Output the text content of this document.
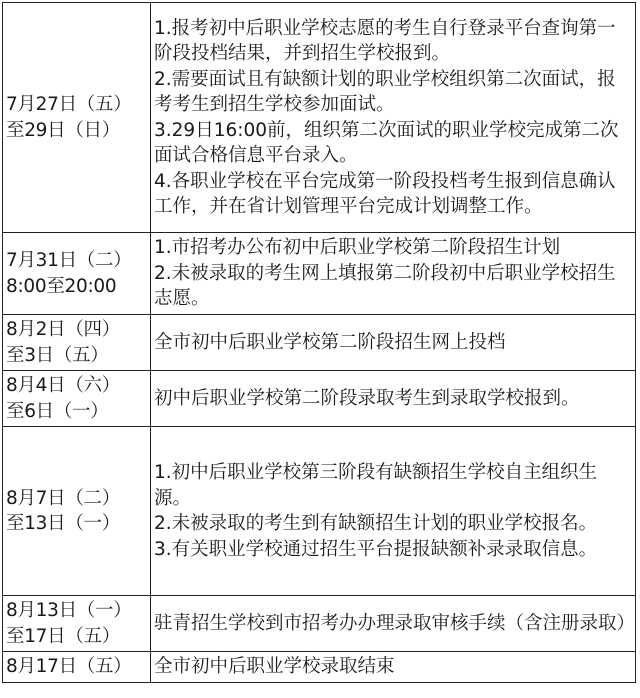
7月27日（五）
至29日（日）	1.报考初中后职业学校志愿的考生自行登录平台查询第一阶段投档结果，并到招生学校报到。
2.需要面试且有缺额计划的职业学校组织第二次面试，报考考生到招生学校参加面试。
3.29日16:00前，组织第二次面试的职业学校完成第二次面试合格信息平台录入。
4.各职业学校在平台完成第一阶段投档考生报到信息确认工作，并在省计划管理平台完成计划调整工作。

7月31日（二）
8:00至20:00	1.市招考办公布初中后职业学校第二阶段招生计划
2.未被录取的考生网上填报第二阶段初中后职业学校招生志愿。

8月2日（四）
至3日（五）	全市初中后职业学校第二阶段招生网上投档

8月4日（六）
至6日（一）	初中后职业学校第二阶段录取考生到录取学校报到。

8月7日（二）
至13日（一）	1.初中后职业学校第三阶段有缺额招生学校自主组织生源。
2.未被录取的考生到有缺额招生计划的职业学校报名。
3.有关职业学校通过招生平台提报缺额补录录取信息。

8月13日（一）
至17日（五）	驻青招生学校到市招考办办理录取审核手续（含注册录取）

8月17日（五）	全市初中后职业学校录取结束
